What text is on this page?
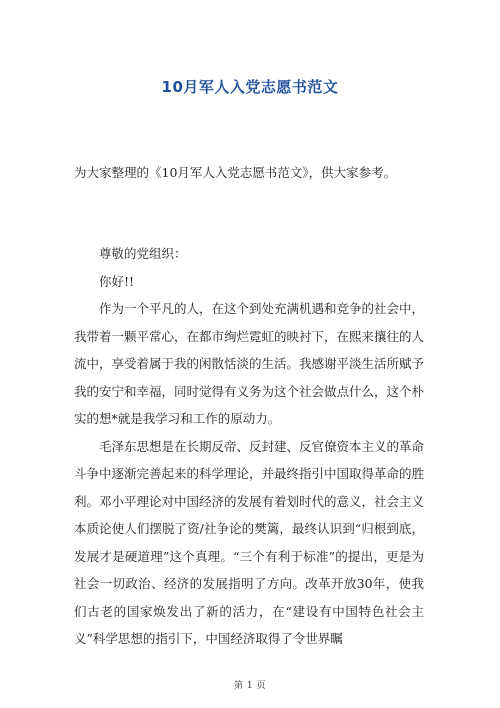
10月军人入党志愿书范文
为大家整理的《10月军人入党志愿书范文》，供大家参考。

尊敬的党组织：

你好!!

作为一个平凡的人，在这个到处充满机遇和竞争的社会中，我带着一颗平常心，在都市绚烂霓虹的映衬下，在熙来攘往的人流中，享受着属于我的闲散恬淡的生活。我感谢平淡生活所赋予我的安宁和幸福，同时觉得有义务为这个社会做点什么，这个朴实的想*就是我学习和工作的原动力。

毛泽东思想是在长期反帝、反封建、反官僚资本主义的革命斗争中逐渐完善起来的科学理论，并最终指引中国取得革命的胜利。邓小平理论对中国经济的发展有着划时代的意义，社会主义本质论使人们摆脱了资/社争论的樊篱，最终认识到“归根到底，发展才是硬道理”这个真理。“三个有利于标准”的提出，更是为社会一切政治、经济的发展指明了方向。改革开放30年，使我们古老的国家焕发出了新的活力，在“建设有中国特色社会主义”科学思想的指引下，中国经济取得了令世界瞩

第 1 页
